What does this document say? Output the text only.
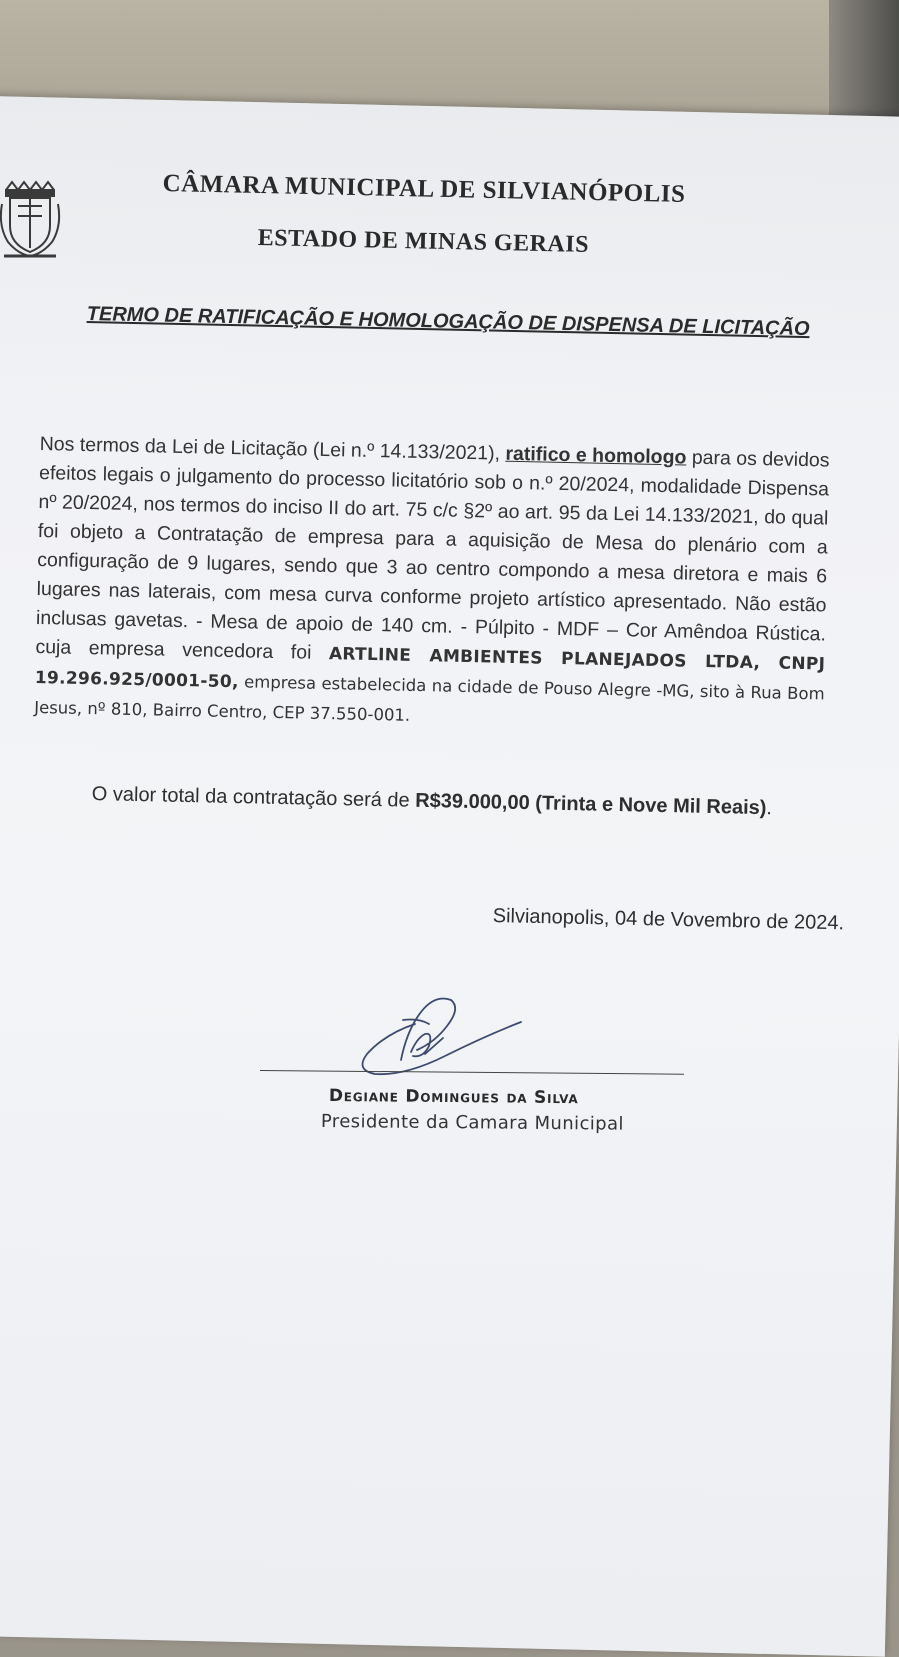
CÂMARA MUNICIPAL DE SILVIANÓPOLIS
ESTADO DE MINAS GERAIS
TERMO DE RATIFICAÇÃO E HOMOLOGAÇÃO DE DISPENSA DE LICITAÇÃO
Nos termos da Lei de Licitação (Lei n.º 14.133/2021), ratifico e homologo para os devidos efeitos legais o julgamento do processo licitatório sob o n.º 20/2024, modalidade Dispensa nº 20/2024, nos termos do inciso II do art. 75 c/c §2º ao art. 95 da Lei 14.133/2021, do qual foi objeto a Contratação de empresa para a aquisição de Mesa do plenário com a configuração de 9 lugares, sendo que 3 ao centro compondo a mesa diretora e mais 6 lugares nas laterais, com mesa curva conforme projeto artístico apresentado. Não estão inclusas gavetas. - Mesa de apoio de 140 cm. - Púlpito - MDF – Cor Amêndoa Rústica. cuja empresa vencedora foi ARTLINE AMBIENTES PLANEJADOS LTDA, CNPJ 19.296.925/0001-50, empresa estabelecida na cidade de Pouso Alegre -MG, sito à Rua Bom Jesus, nº 810, Bairro Centro, CEP 37.550-001.
O valor total da contratação será de R$39.000,00 (Trinta e Nove Mil Reais).
Silvianopolis, 04 de Vovembro de 2024.
Degiane Domingues da Silva
Presidente da Camara Municipal
